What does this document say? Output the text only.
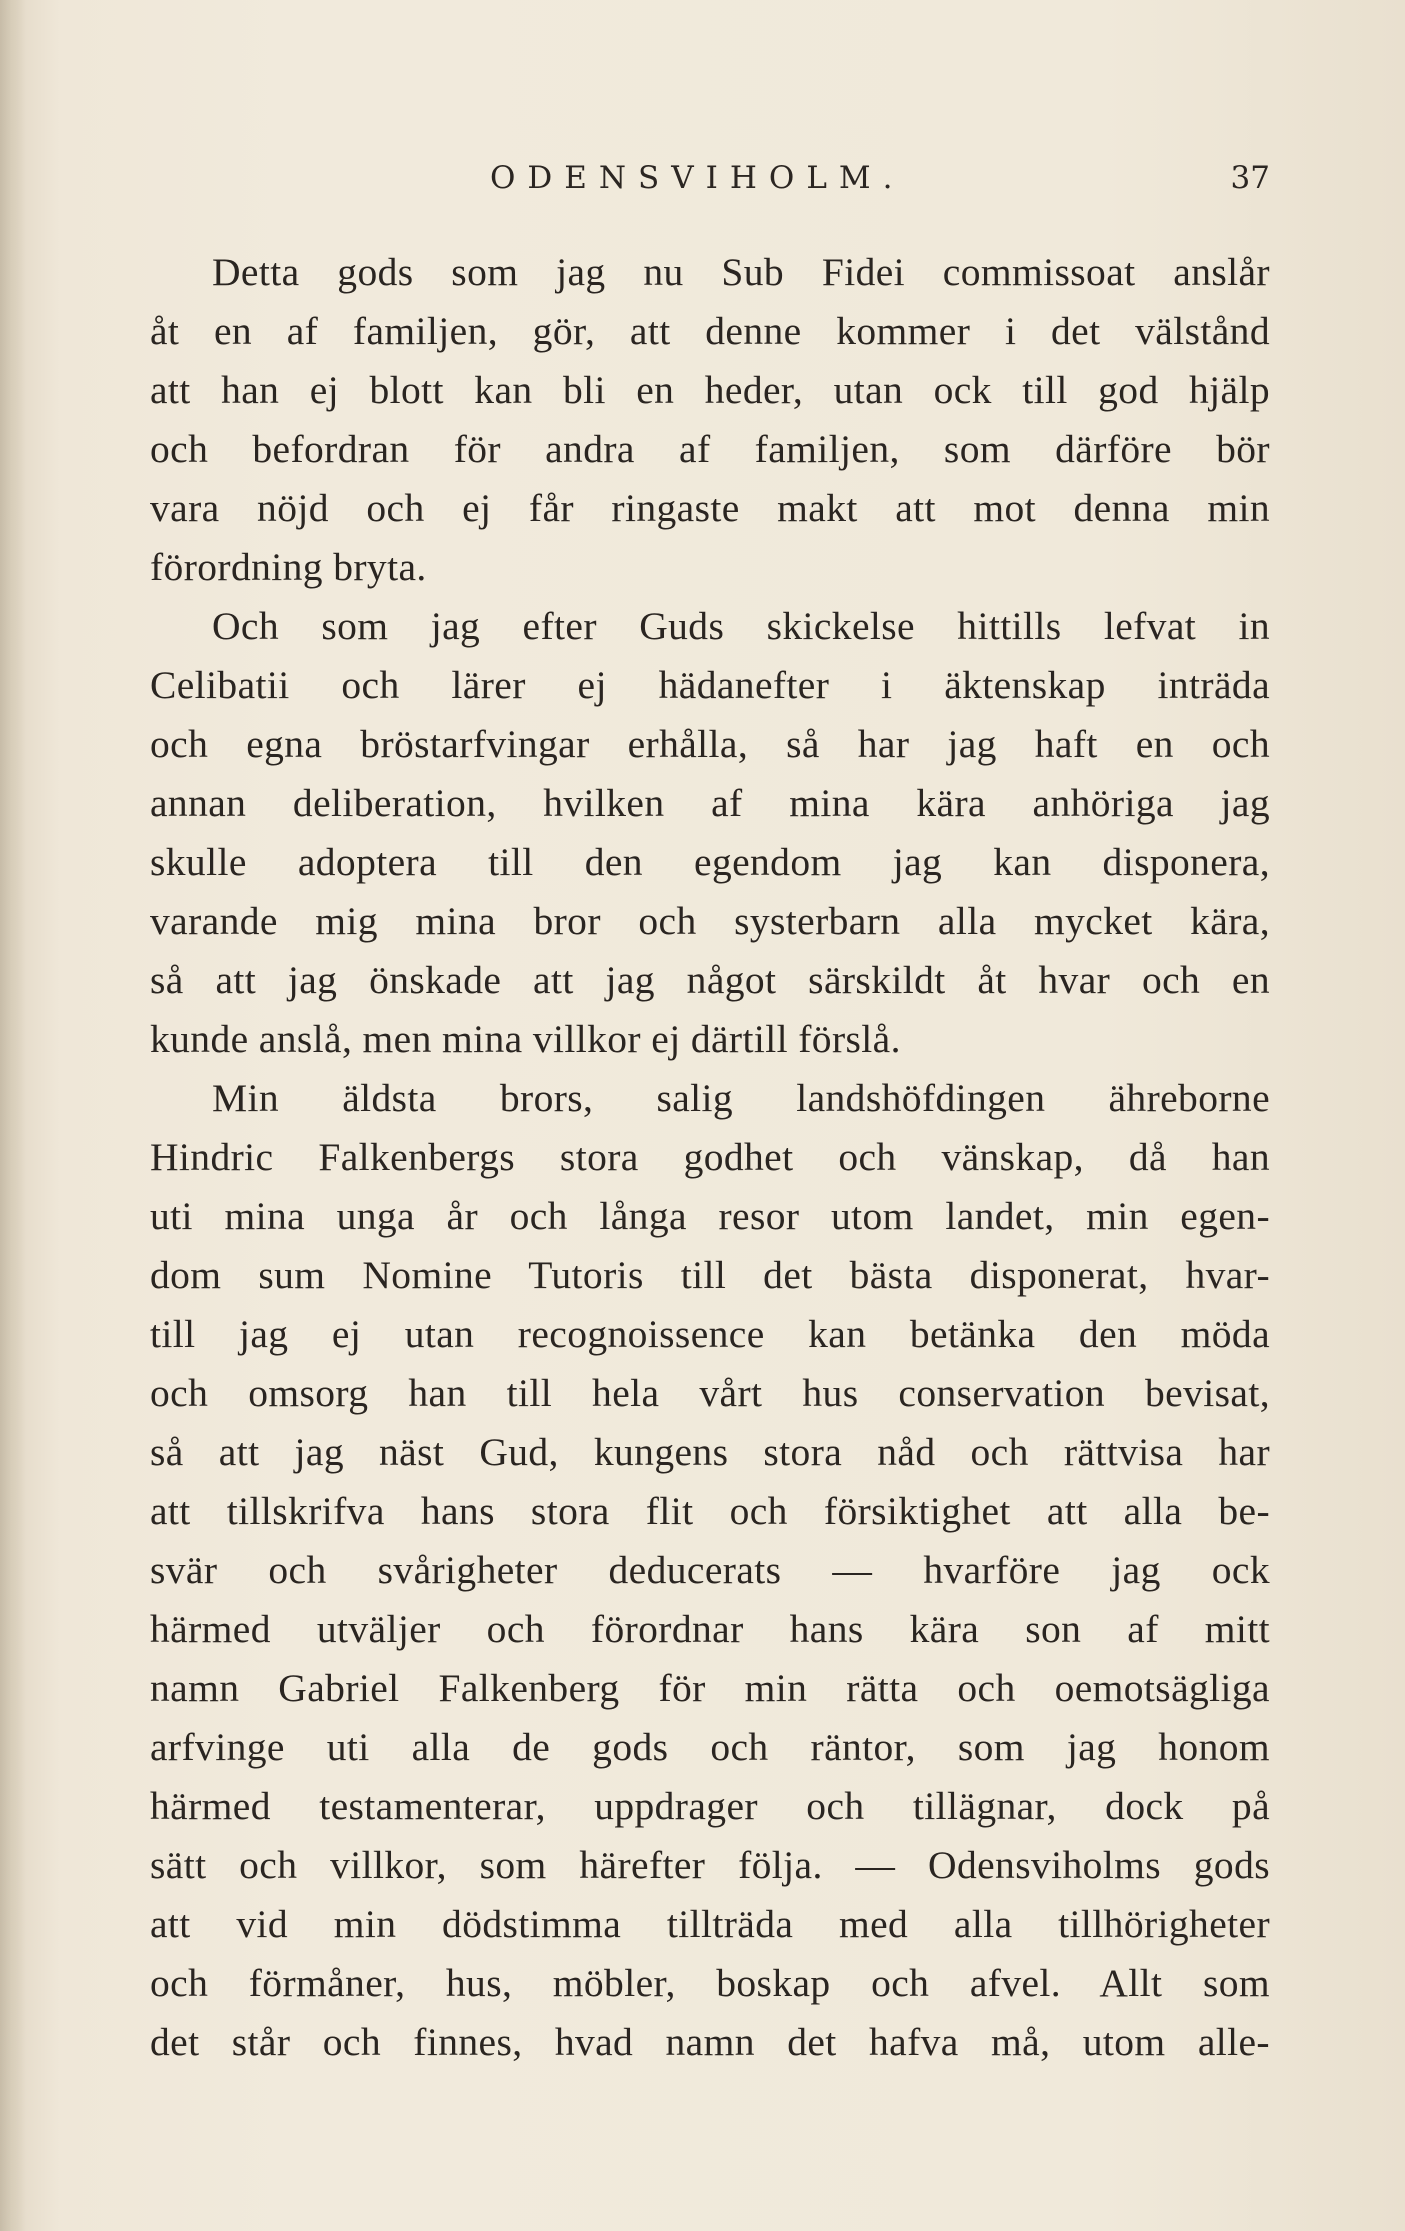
ODENSVIHOLM.	37
Detta gods som jag nu Sub Fidei commissoat anslår
åt en af familjen, gör, att denne kommer i det välstånd
att han ej blott kan bli en heder, utan ock till god hjälp
och befordran för andra af familjen, som därföre bör
vara nöjd och ej får ringaste makt att mot denna min
förordning bryta.
Och som jag efter Guds skickelse hittills lefvat in
Celibatii och lärer ej hädanefter i äktenskap inträda
och egna bröstarfvingar erhålla, så har jag haft en och
annan deliberation, hvilken af mina kära anhöriga jag
skulle adoptera till den egendom jag kan disponera,
varande mig mina bror och systerbarn alla mycket kära,
så att jag önskade att jag något särskildt åt hvar och en
kunde anslå, men mina villkor ej därtill förslå.
Min äldsta brors, salig landshöfdingen ähreborne
Hindric Falkenbergs stora godhet och vänskap, då han
uti mina unga år och långa resor utom landet, min egen-
dom sum Nomine Tutoris till det bästa disponerat, hvar-
till jag ej utan recognoissence kan betänka den möda
och omsorg han till hela vårt hus conservation bevisat,
så att jag näst Gud, kungens stora nåd och rättvisa har
att tillskrifva hans stora flit och försiktighet att alla be-
svär och svårigheter deducerats — hvarföre jag ock
härmed utväljer och förordnar hans kära son af mitt
namn Gabriel Falkenberg för min rätta och oemotsägliga
arfvinge uti alla de gods och räntor, som jag honom
härmed testamenterar, uppdrager och tillägnar, dock på
sätt och villkor, som härefter följa. — Odensviholms gods
att vid min dödstimma tillträda med alla tillhörigheter
och förmåner, hus, möbler, boskap och afvel. Allt som
det står och finnes, hvad namn det hafva må, utom alle-
